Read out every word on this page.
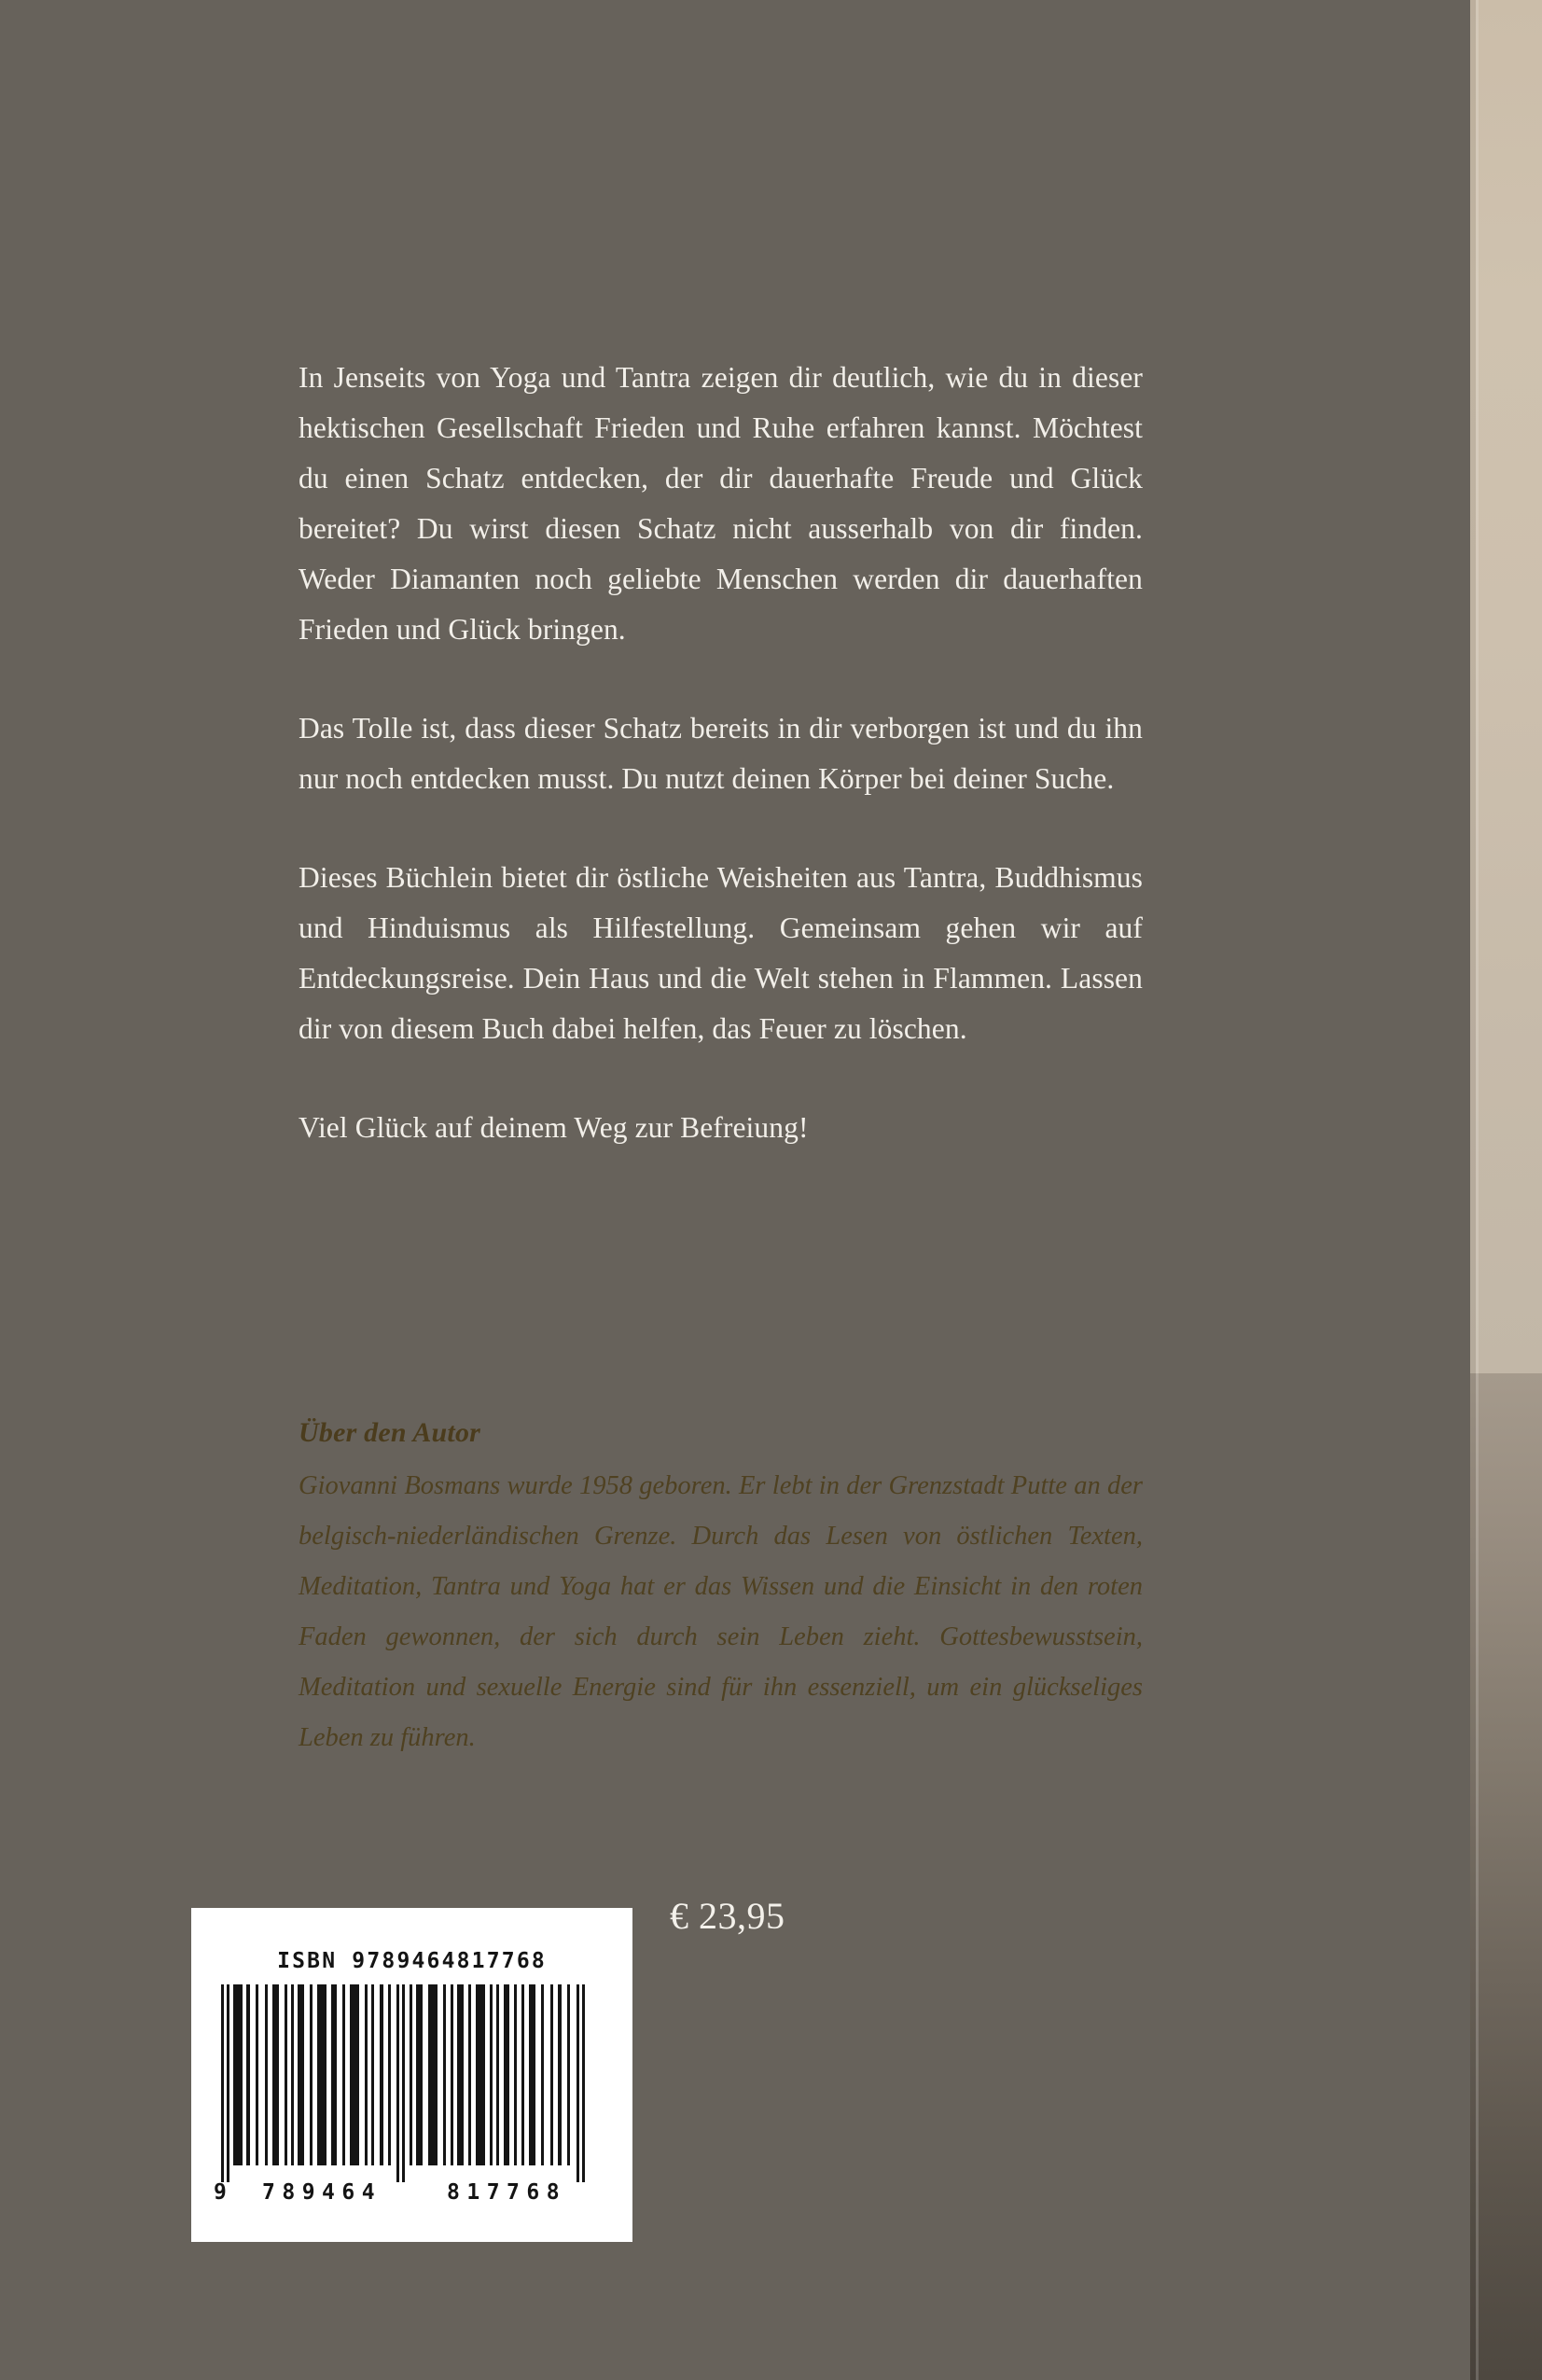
In Jenseits von Yoga und Tantra zeigen dir deutlich, wie du in dieser hektischen Gesellschaft Frieden und Ruhe erfahren kannst. Möchtest du einen Schatz entdecken, der dir dauerhafte Freude und Glück bereitet? Du wirst diesen Schatz nicht ausserhalb von dir finden. Weder Diamanten noch geliebte Menschen werden dir dauerhaften Frieden und Glück bringen.

Das Tolle ist, dass dieser Schatz bereits in dir verborgen ist und du ihn nur noch entdecken musst. Du nutzt deinen Körper bei deiner Suche.

Dieses Büchlein bietet dir östliche Weisheiten aus Tantra, Buddhismus und Hinduismus als Hilfestellung. Gemeinsam gehen wir auf Entdeckungsreise. Dein Haus und die Welt stehen in Flammen. Lassen dir von diesem Buch dabei helfen, das Feuer zu löschen.

Viel Glück auf deinem Weg zur Befreiung!

Über den Autor

Giovanni Bosmans wurde 1958 geboren. Er lebt in der Grenzstadt Putte an der belgisch-niederländischen Grenze. Durch das Lesen von östlichen Texten, Meditation, Tantra und Yoga hat er das Wissen und die Einsicht in den roten Faden gewonnen, der sich durch sein Leben zieht. Gottesbewusstsein, Meditation und sexuelle Energie sind für ihn essenziell, um ein glückseliges Leben zu führen.

ISBN 9789464817768
9 789464	817768
€ 23,95
